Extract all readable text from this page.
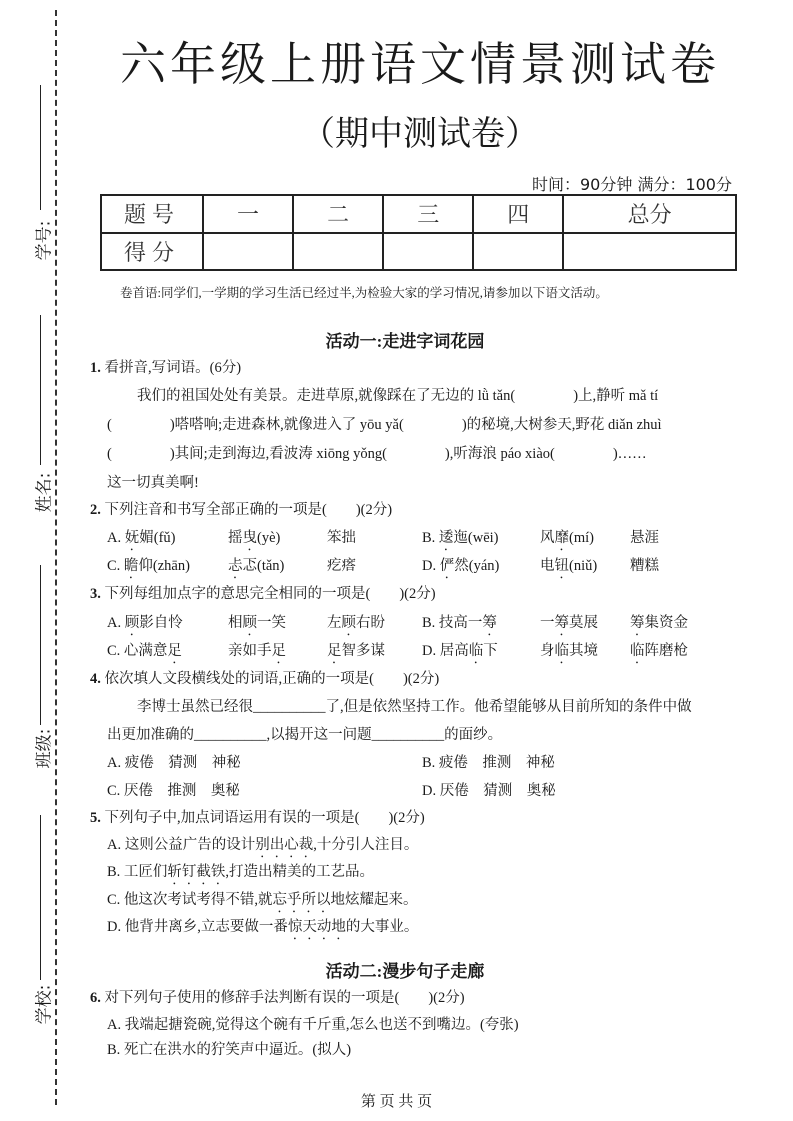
学号:
姓名:
班级:
学校:
六年级上册语文情景测试卷
（期中测试卷）
时间：90分钟 满分：100分
题号	一	二	三	四	总分
得分					
卷首语:同学们,一学期的学习生活已经过半,为检验大家的学习情况,请参加以下语文活动。
活动一:走进字词花园
1. 看拼音,写词语。(6分)
我们的祖国处处有美景。走进草原,就像踩在了无边的 lǜ tǎn(　　　　)上,静听 mǎ tí
(　　　　)嗒嗒响;走进森林,就像进入了 yōu yǎ(　　　　)的秘境,大树参天,野花 diǎn zhuì
(　　　　)其间;走到海边,看波涛 xiōng yǒng(　　　　),听海浪 páo xiào(　　　　)……
这一切真美啊!
2. 下列注音和书写全部正确的一项是(　　)(2分)
A. 妩媚(fǔ)	摇曳(yè)	笨拙	B. 逶迤(wēi)	风靡(mí) 悬涯
C. 瞻仰(zhān)	忐忑(tǎn)	疙瘩	D. 俨然(yán)	电钮(niǔ) 糟糕
3. 下列每组加点字的意思完全相同的一项是(　　)(2分)
A. 顾影自怜	相顾一笑	左顾右盼	B. 技高一筹	一筹莫展 筹集资金
C. 心满意足	亲如手足	足智多谋	D. 居高临下	身临其境 临阵磨枪
4. 依次填人文段横线处的词语,正确的一项是(　　)(2分)
李博士虽然已经很__________了,但是依然坚持工作。他希望能够从目前所知的条件中做
出更加准确的__________,以揭开这一问题__________的面纱。
A. 疲倦　猜测　神秘	B. 疲倦　推测　神秘
C. 厌倦　推测　奥秘	D. 厌倦　猜测　奥秘
5. 下列句子中,加点词语运用有误的一项是(　　)(2分)
A. 这则公益广告的设计别出心裁,十分引人注目。
B. 工匠们斩钉截铁,打造出精美的工艺品。
C. 他这次考试考得不错,就忘乎所以地炫耀起来。
D. 他背井离乡,立志要做一番惊天动地的大事业。
活动二:漫步句子走廊
6. 对下列句子使用的修辞手法判断有误的一项是(　　)(2分)
A. 我端起搪瓷碗,觉得这个碗有千斤重,怎么也送不到嘴边。(夸张)
B. 死亡在洪水的狞笑声中逼近。(拟人)
第 页 共 页
